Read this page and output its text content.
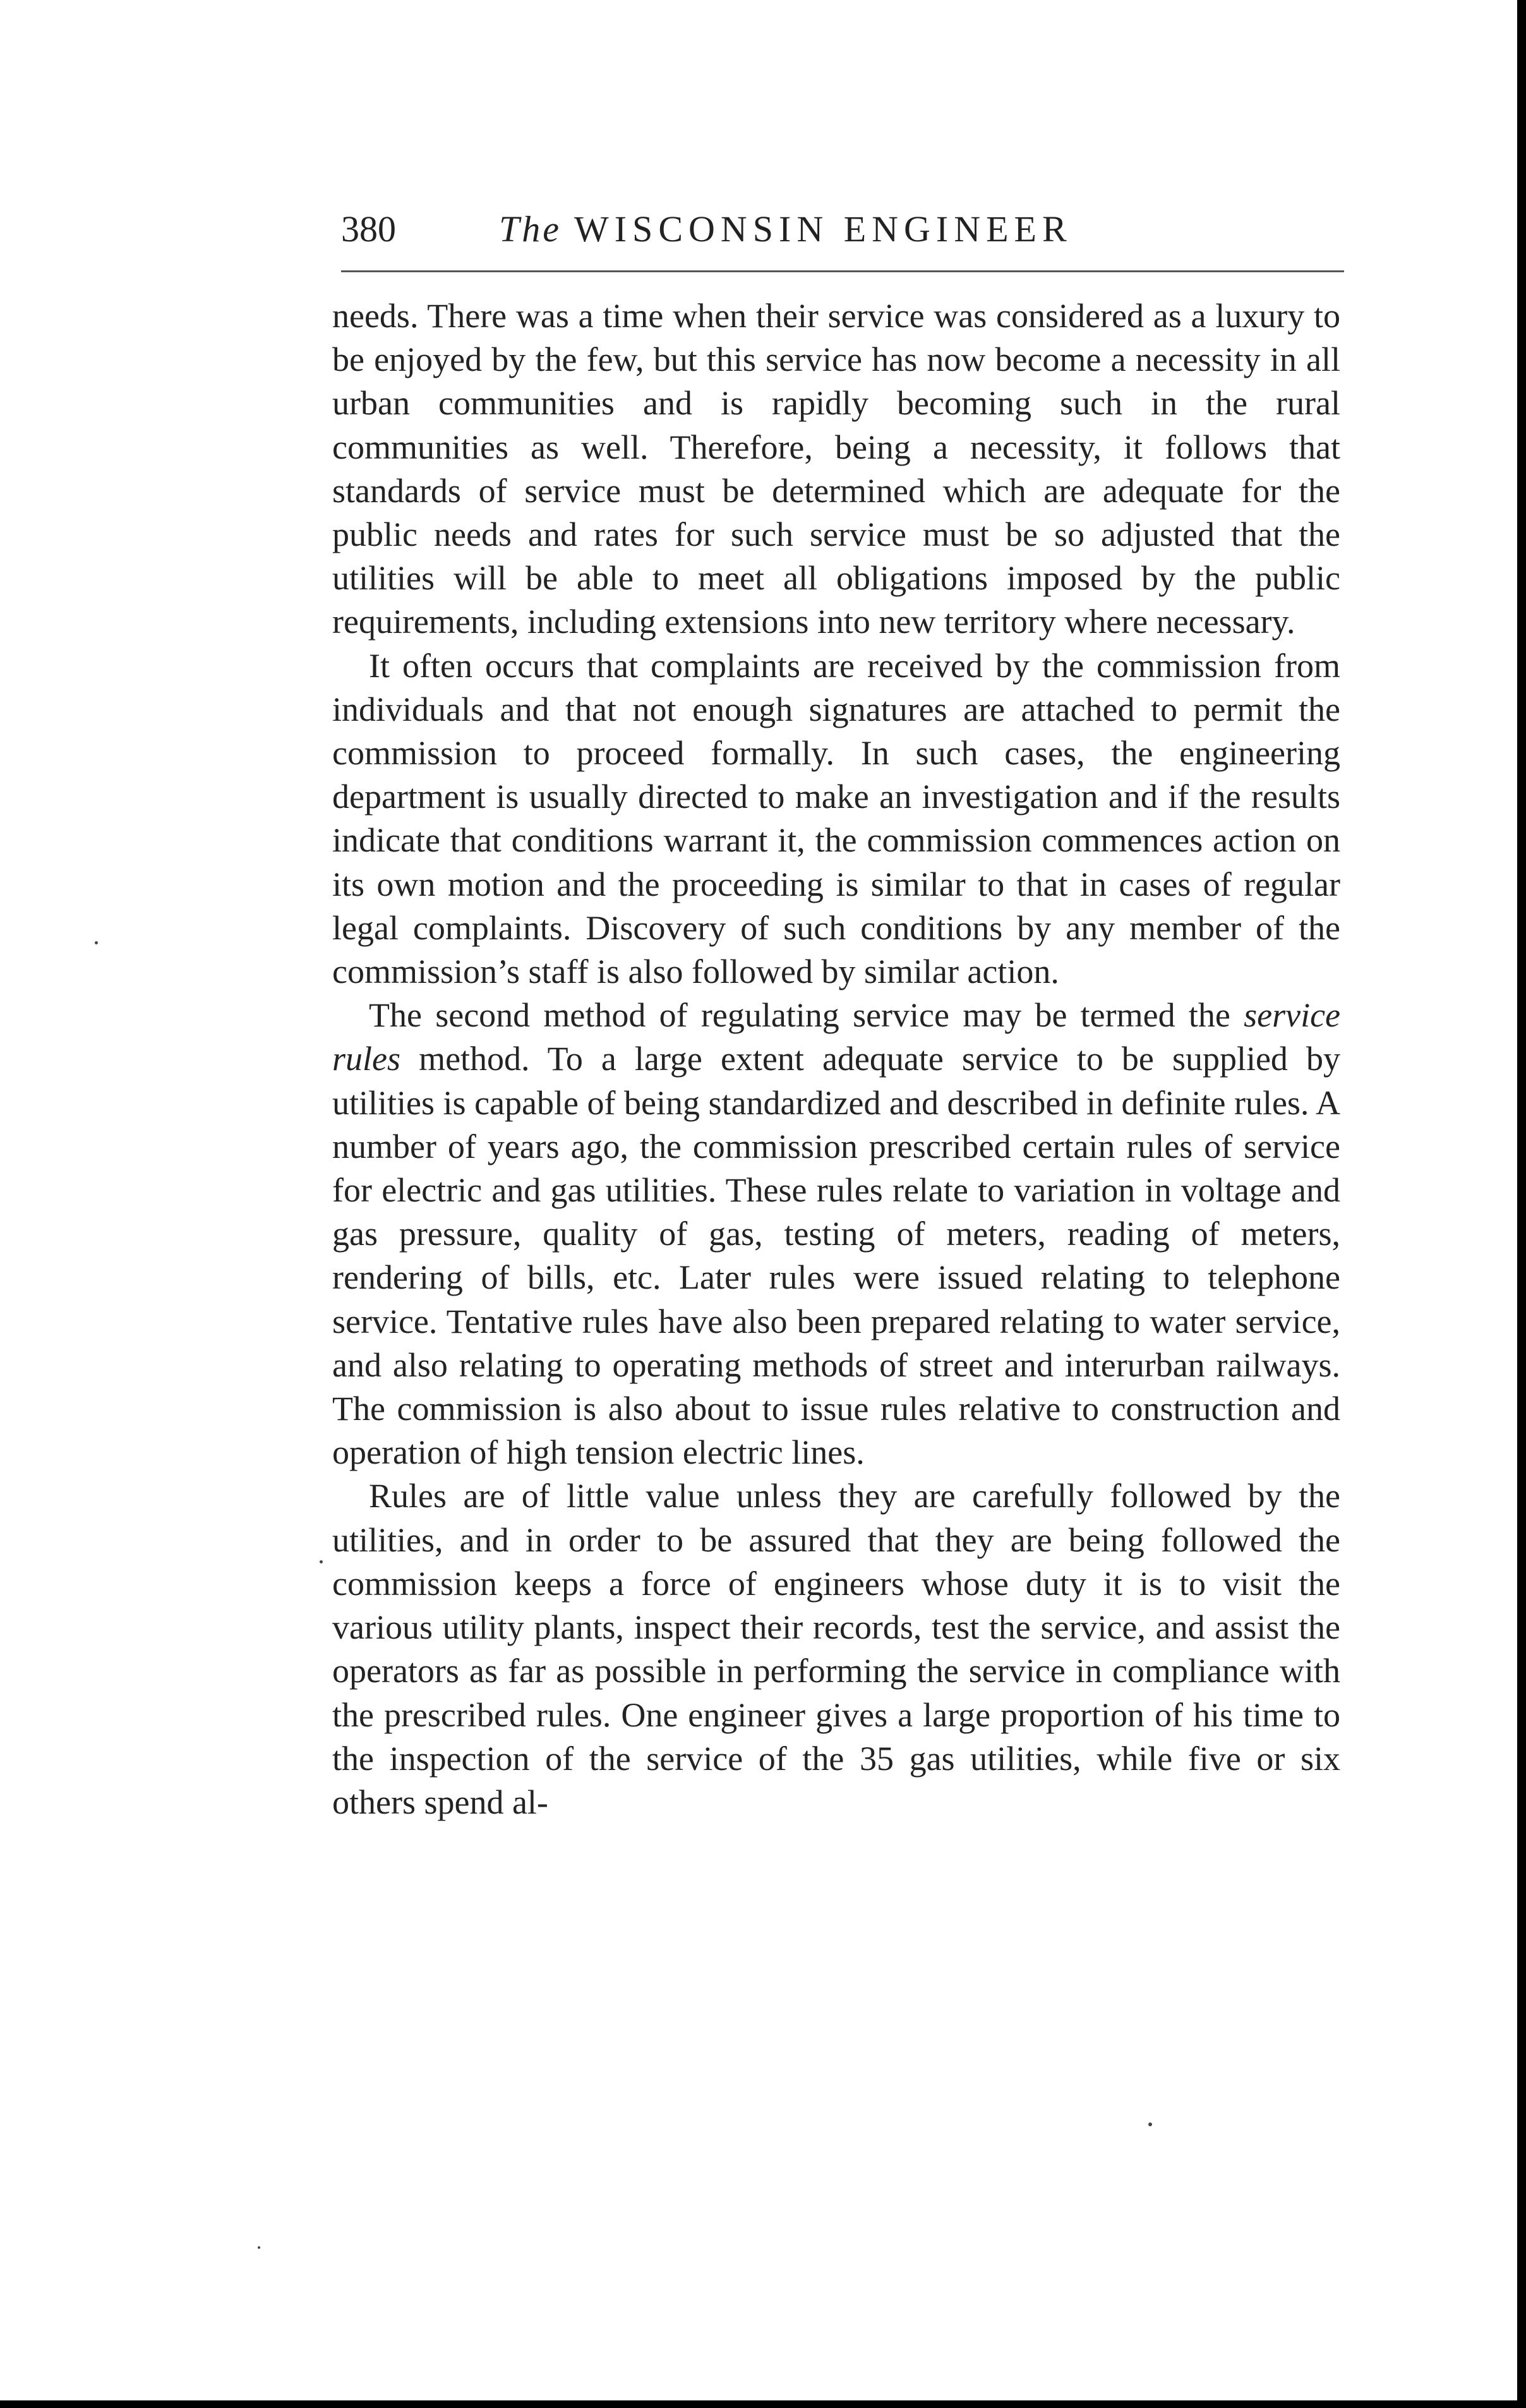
380	The WISCONSIN ENGINEER

needs. There was a time when their service was considered as a luxury to be enjoyed by the few, but this service has now become a necessity in all urban communities and is rapidly becoming such in the rural communities as well. Therefore, being a necessity, it follows that standards of service must be determined which are adequate for the public needs and rates for such service must be so adjusted that the utilities will be able to meet all obligations imposed by the public requirements, including extensions into new territory where necessary.

It often occurs that complaints are received by the commission from individuals and that not enough signatures are attached to permit the commission to proceed formally. In such cases, the engineering department is usually directed to make an investigation and if the results indicate that conditions warrant it, the commission commences action on its own motion and the proceeding is similar to that in cases of regular legal complaints. Discovery of such conditions by any member of the commission’s staff is also followed by similar action.

The second method of regulating service may be termed the service rules method. To a large extent adequate service to be supplied by utilities is capable of being standardized and described in definite rules. A number of years ago, the commission prescribed certain rules of service for electric and gas utilities. These rules relate to variation in voltage and gas pressure, quality of gas, testing of meters, reading of meters, rendering of bills, etc. Later rules were issued relating to telephone service. Tentative rules have also been prepared relating to water service, and also relating to operating methods of street and interurban railways. The commission is also about to issue rules relative to construction and operation of high tension electric lines.

Rules are of little value unless they are carefully followed by the utilities, and in order to be assured that they are being followed the commission keeps a force of engineers whose duty it is to visit the various utility plants, inspect their records, test the service, and assist the operators as far as possible in performing the service in compliance with the prescribed rules. One engineer gives a large proportion of his time to the inspection of the service of the 35 gas utilities, while five or six others spend al-
